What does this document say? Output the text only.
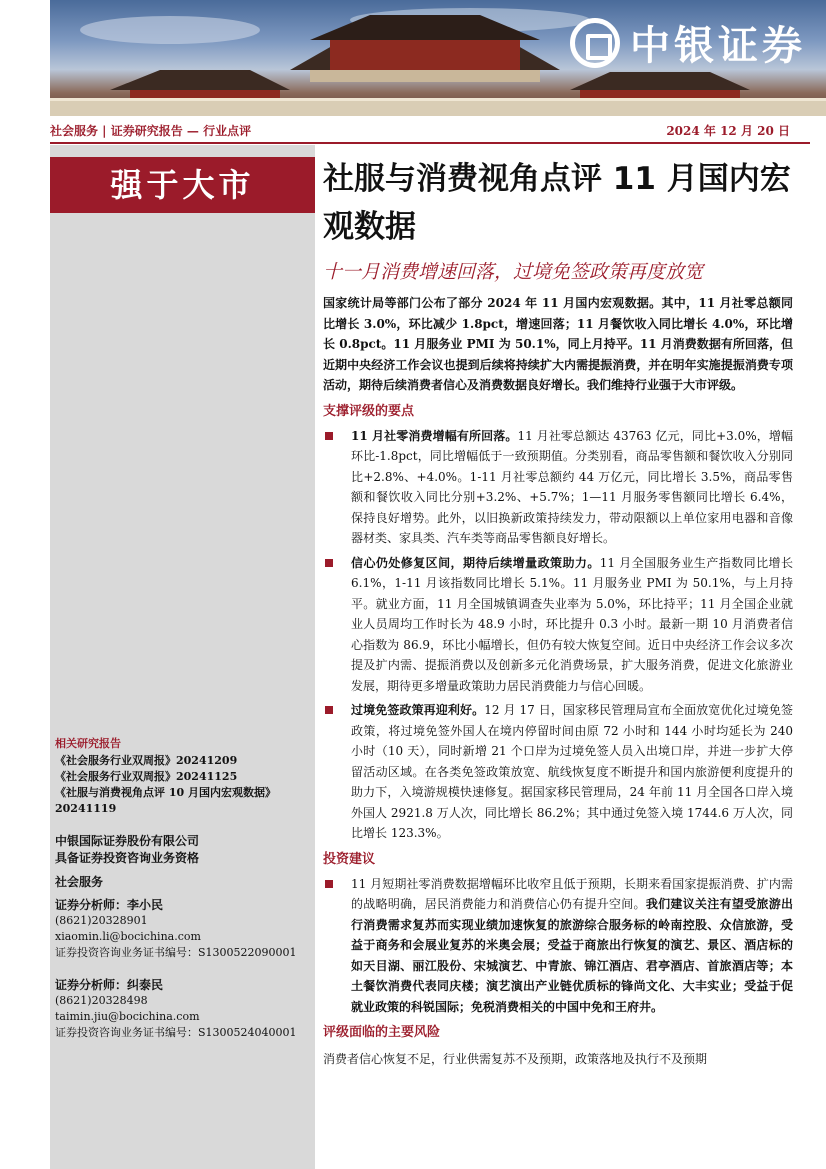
中银证券
社会服务 | 证券研究报告 — 行业点评	2024 年 12 月 20 日
强于大市
相关研究报告
《社会服务行业双周报》20241209
《社会服务行业双周报》20241125
《社服与消费视角点评 10 月国内宏观数据》20241119
中银国际证券股份有限公司
具备证券投资咨询业务资格
社会服务
证券分析师：李小民
(8621)20328901
xiaomin.li@bocichina.com
证券投资咨询业务证书编号：S1300522090001
证券分析师：纠泰民
(8621)20328498
taimin.jiu@bocichina.com
证券投资咨询业务证书编号：S1300524040001
社服与消费视角点评 11 月国内宏观数据
十一月消费增速回落，过境免签政策再度放宽
国家统计局等部门公布了部分 2024 年 11 月国内宏观数据。其中，11 月社零总额同比增长 3.0%，环比减少 1.8pct，增速回落；11 月餐饮收入同比增长 4.0%，环比增长 0.8pct。11 月服务业 PMI 为 50.1%，同上月持平。11 月消费数据有所回落，但近期中央经济工作会议也提到后续将持续扩大内需提振消费，并在明年实施提振消费专项活动，期待后续消费者信心及消费数据良好增长。我们维持行业强于大市评级。
支撑评级的要点
11 月社零消费增幅有所回落。11 月社零总额达 43763 亿元，同比+3.0%，增幅环比-1.8pct，同比增幅低于一致预期值。分类别看，商品零售额和餐饮收入分别同比+2.8%、+4.0%。1-11 月社零总额约 44 万亿元，同比增长 3.5%，商品零售额和餐饮收入同比分别+3.2%、+5.7%；1—11 月服务零售额同比增长 6.4%，保持良好增势。此外，以旧换新政策持续发力，带动限额以上单位家用电器和音像器材类、家具类、汽车类等商品零售额良好增长。
信心仍处修复区间，期待后续增量政策助力。11 月全国服务业生产指数同比增长 6.1%，1-11 月该指数同比增长 5.1%。11 月服务业 PMI 为 50.1%，与上月持平。就业方面，11 月全国城镇调查失业率为 5.0%，环比持平；11 月全国企业就业人员周均工作时长为 48.9 小时，环比提升 0.3 小时。最新一期 10 月消费者信心指数为 86.9，环比小幅增长，但仍有较大恢复空间。近日中央经济工作会议多次提及扩内需、提振消费以及创新多元化消费场景，扩大服务消费，促进文化旅游业发展，期待更多增量政策助力居民消费能力与信心回暖。
过境免签政策再迎利好。12 月 17 日，国家移民管理局宣布全面放宽优化过境免签政策，将过境免签外国人在境内停留时间由原 72 小时和 144 小时均延长为 240 小时（10 天），同时新增 21 个口岸为过境免签人员入出境口岸，并进一步扩大停留活动区域。在各类免签政策放宽、航线恢复度不断提升和国内旅游便利度提升的助力下，入境游规模快速修复。据国家移民管理局，24 年前 11 月全国各口岸入境外国人 2921.8 万人次，同比增长 86.2%；其中通过免签入境 1744.6 万人次，同比增长 123.3%。
投资建议
11 月短期社零消费数据增幅环比收窄且低于预期，长期来看国家提振消费、扩内需的战略明确，居民消费能力和消费信心仍有提升空间。我们建议关注有望受旅游出行消费需求复苏而实现业绩加速恢复的旅游综合服务标的岭南控股、众信旅游，受益于商务和会展业复苏的米奥会展；受益于商旅出行恢复的演艺、景区、酒店标的如天目湖、丽江股份、宋城演艺、中青旅、锦江酒店、君亭酒店、首旅酒店等；本土餐饮消费代表同庆楼；演艺演出产业链优质标的锋尚文化、大丰实业；受益于促就业政策的科锐国际；免税消费相关的中国中免和王府井。
评级面临的主要风险
消费者信心恢复不足，行业供需复苏不及预期，政策落地及执行不及预期
